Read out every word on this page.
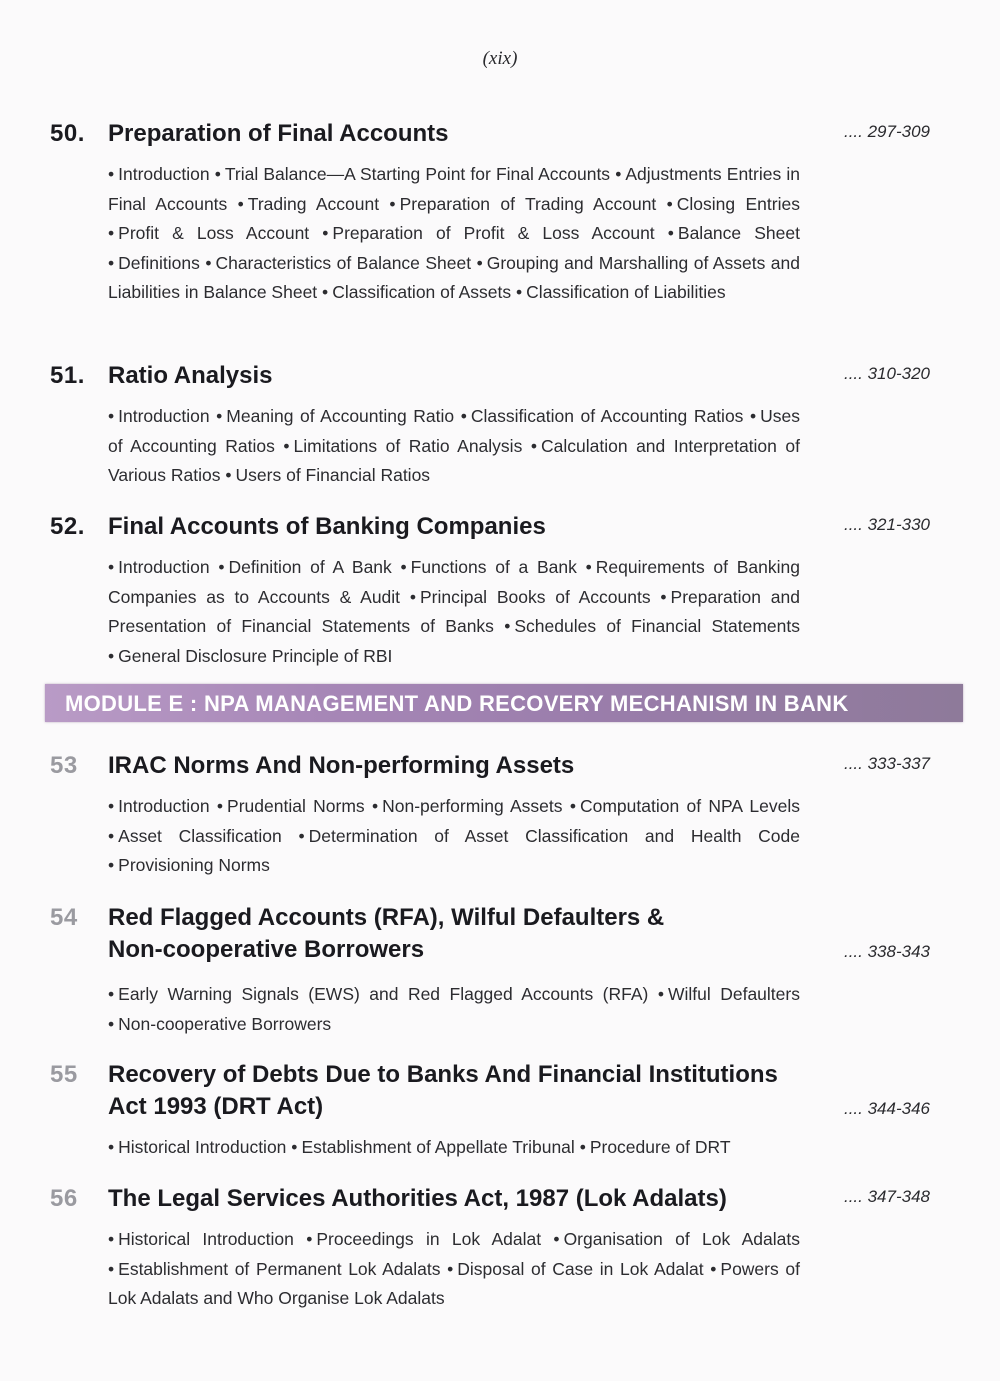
(xix)
50. Preparation of Final Accounts	.... 297-309
• Introduction • Trial Balance—A Starting Point for Final Accounts • Adjustments Entries in Final Accounts • Trading Account • Preparation of Trading Account • Closing Entries • Profit & Loss Account • Preparation of Profit & Loss Account • Balance Sheet • Definitions • Characteristics of Balance Sheet • Grouping and Marshalling of Assets and Liabilities in Balance Sheet • Classification of Assets • Classification of Liabilities
51. Ratio Analysis	.... 310-320
• Introduction • Meaning of Accounting Ratio • Classification of Accounting Ratios • Uses of Accounting Ratios • Limitations of Ratio Analysis • Calculation and Interpretation of Various Ratios • Users of Financial Ratios
52. Final Accounts of Banking Companies	.... 321-330
• Introduction • Definition of A Bank • Functions of a Bank • Requirements of Banking Companies as to Accounts & Audit • Principal Books of Accounts • Preparation and Presentation of Financial Statements of Banks • Schedules of Financial Statements • General Disclosure Principle of RBI
MODULE E : NPA MANAGEMENT AND RECOVERY MECHANISM IN BANK
53 IRAC Norms And Non-performing Assets	.... 333-337
• Introduction • Prudential Norms • Non-performing Assets • Computation of NPA Levels • Asset Classification • Determination of Asset Classification and Health Code • Provisioning Norms
54 Red Flagged Accounts (RFA), Wilful Defaulters &
Non-cooperative Borrowers	.... 338-343
• Early Warning Signals (EWS) and Red Flagged Accounts (RFA) • Wilful Defaulters • Non-cooperative Borrowers
55 Recovery of Debts Due to Banks And Financial Institutions
Act 1993 (DRT Act)	.... 344-346
• Historical Introduction • Establishment of Appellate Tribunal • Procedure of DRT
56 The Legal Services Authorities Act, 1987 (Lok Adalats)	.... 347-348
• Historical Introduction • Proceedings in Lok Adalat • Organisation of Lok Adalats • Establishment of Permanent Lok Adalats • Disposal of Case in Lok Adalat • Powers of Lok Adalats and Who Organise Lok Adalats
